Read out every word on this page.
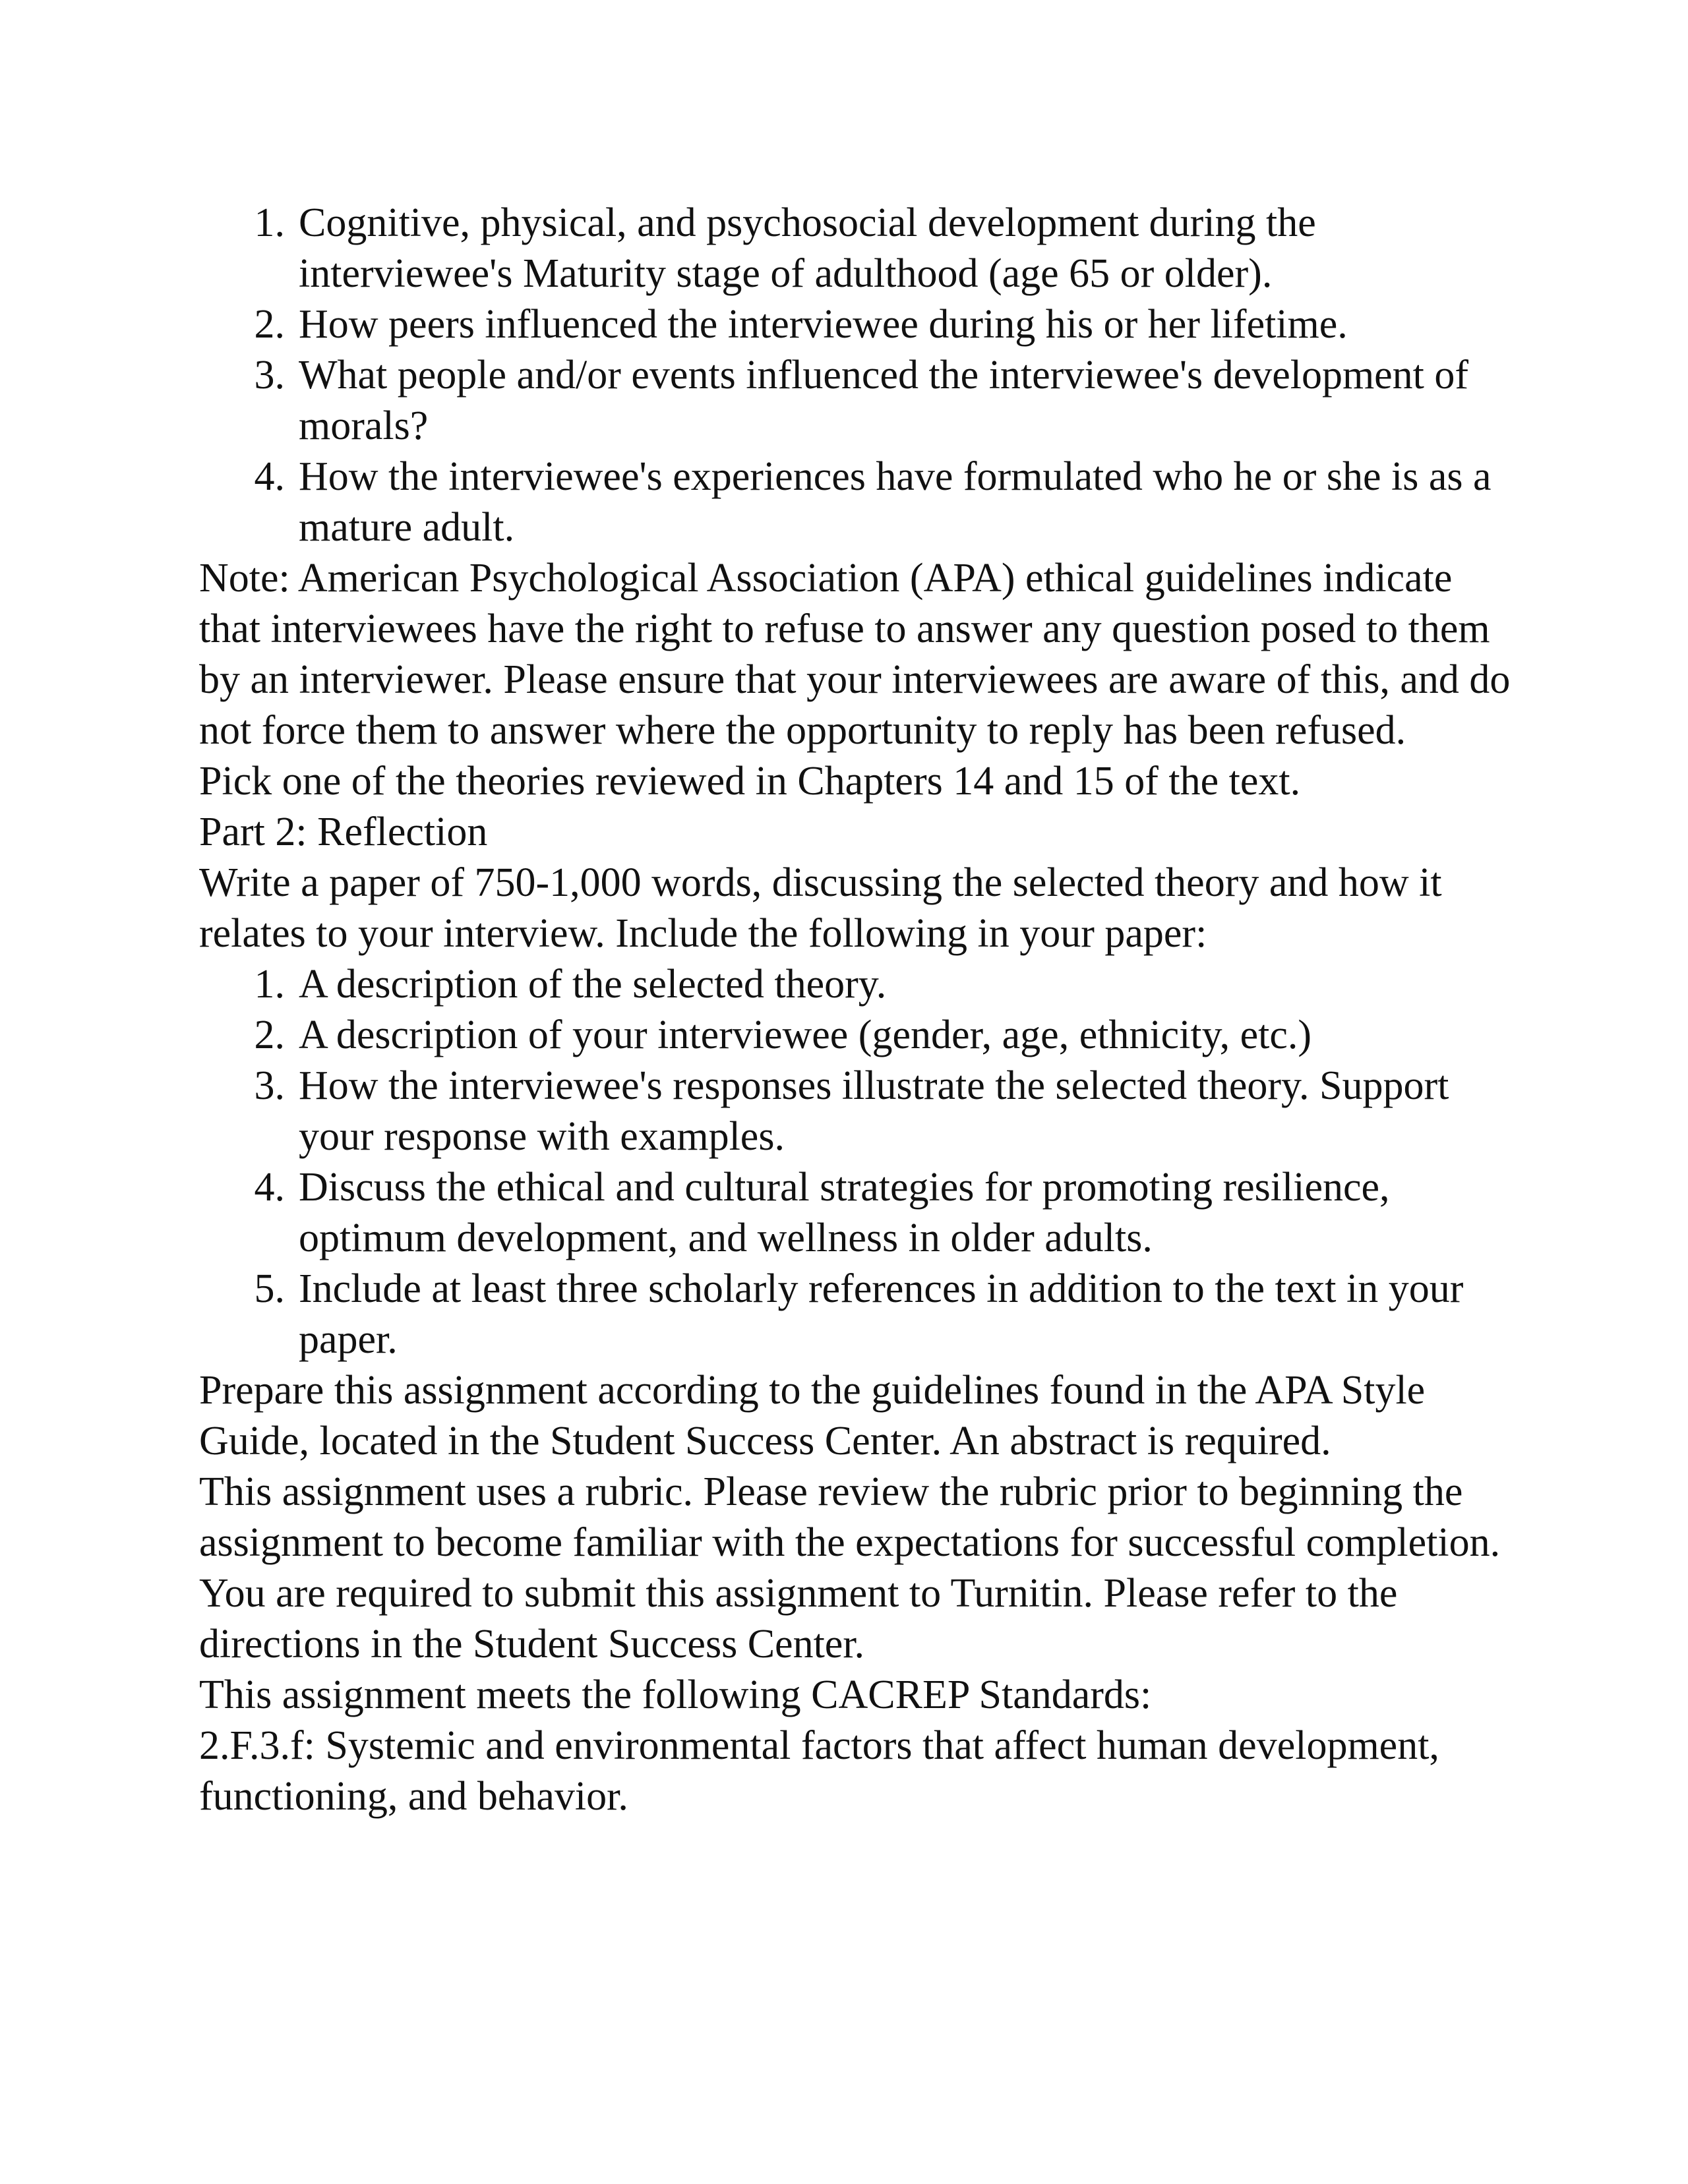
1. Cognitive, physical, and psychosocial development during the interviewee's Maturity stage of adulthood (age 65 or older).
2. How peers influenced the interviewee during his or her lifetime.
3. What people and/or events influenced the interviewee's development of morals?
4. How the interviewee's experiences have formulated who he or she is as a mature adult.

Note: American Psychological Association (APA) ethical guidelines indicate that interviewees have the right to refuse to answer any question posed to them by an interviewer. Please ensure that your interviewees are aware of this, and do not force them to answer where the opportunity to reply has been refused.

Pick one of the theories reviewed in Chapters 14 and 15 of the text.

Part 2: Reflection

Write a paper of 750-1,000 words, discussing the selected theory and how it relates to your interview. Include the following in your paper:

1. A description of the selected theory.
2. A description of your interviewee (gender, age, ethnicity, etc.)
3. How the interviewee's responses illustrate the selected theory. Support your response with examples.
4. Discuss the ethical and cultural strategies for promoting resilience, optimum development, and wellness in older adults.
5. Include at least three scholarly references in addition to the text in your paper.

Prepare this assignment according to the guidelines found in the APA Style Guide, located in the Student Success Center. An abstract is required.

This assignment uses a rubric. Please review the rubric prior to beginning the assignment to become familiar with the expectations for successful completion.

You are required to submit this assignment to Turnitin. Please refer to the directions in the Student Success Center.

This assignment meets the following CACREP Standards:

2.F.3.f: Systemic and environmental factors that affect human development, functioning, and behavior.
